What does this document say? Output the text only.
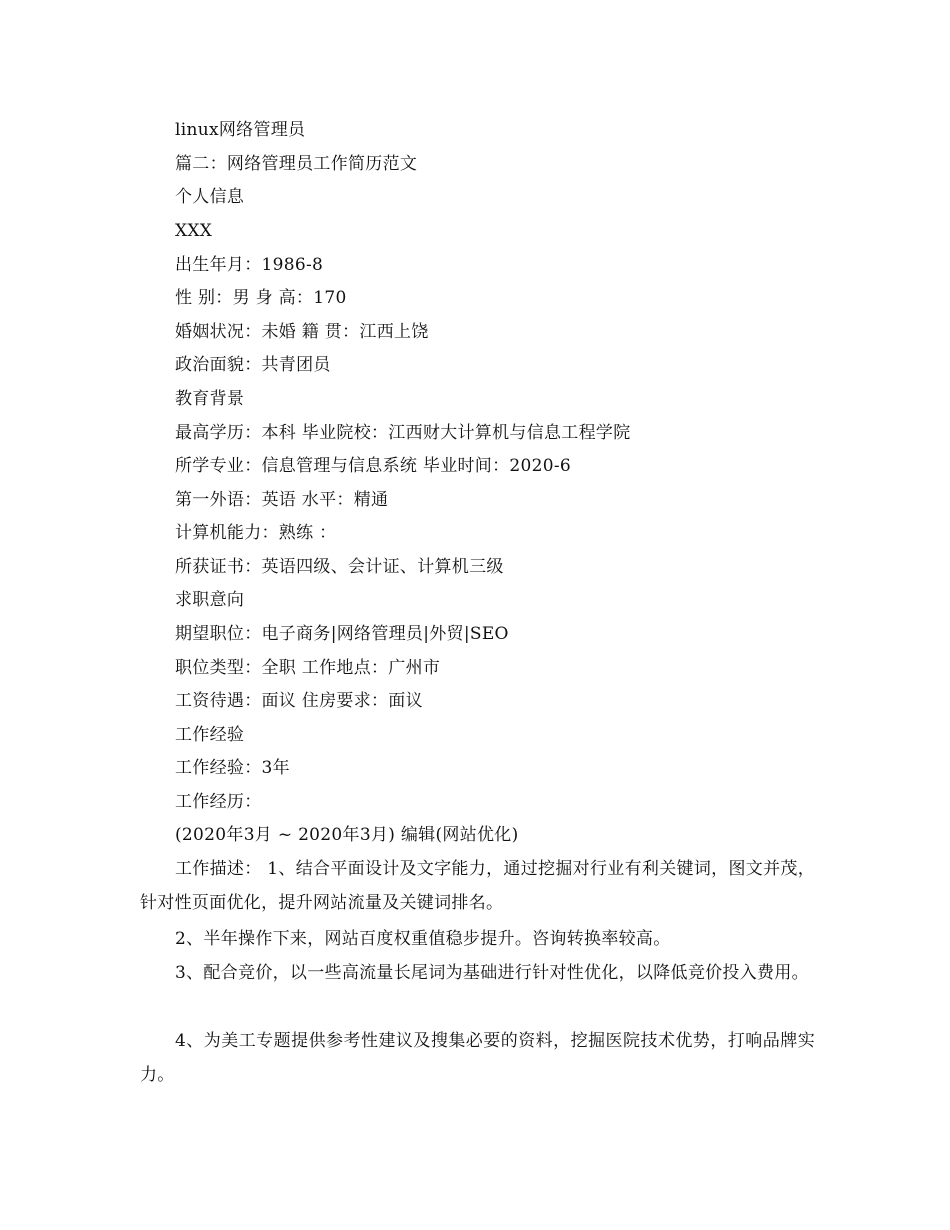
linux网络管理员
篇二：网络管理员工作简历范文
个人信息
XXX
出生年月：1986-8
性 别：男 身 高：170
婚姻状况：未婚 籍 贯：江西上饶
政治面貌：共青团员
教育背景
最高学历：本科 毕业院校：江西财大计算机与信息工程学院
所学专业：信息管理与信息系统 毕业时间：2020-6
第一外语：英语 水平：精通
计算机能力：熟练 ：
所获证书：英语四级、会计证、计算机三级
求职意向
期望职位：电子商务|网络管理员|外贸|SEO
职位类型：全职 工作地点：广州市
工资待遇：面议 住房要求：面议
工作经验
工作经验：3年
工作经历：
(2020年3月 ~ 2020年3月) 编辑(网站优化)
工作描述： 1、结合平面设计及文字能力，通过挖掘对行业有利关键词，图文并茂，针对性页面优化，提升网站流量及关键词排名。
2、半年操作下来，网站百度权重值稳步提升。咨询转换率较高。
3、配合竞价，以一些高流量长尾词为基础进行针对性优化，以降低竞价投入费用。
4、为美工专题提供参考性建议及搜集必要的资料，挖掘医院技术优势，打响品牌实力。
